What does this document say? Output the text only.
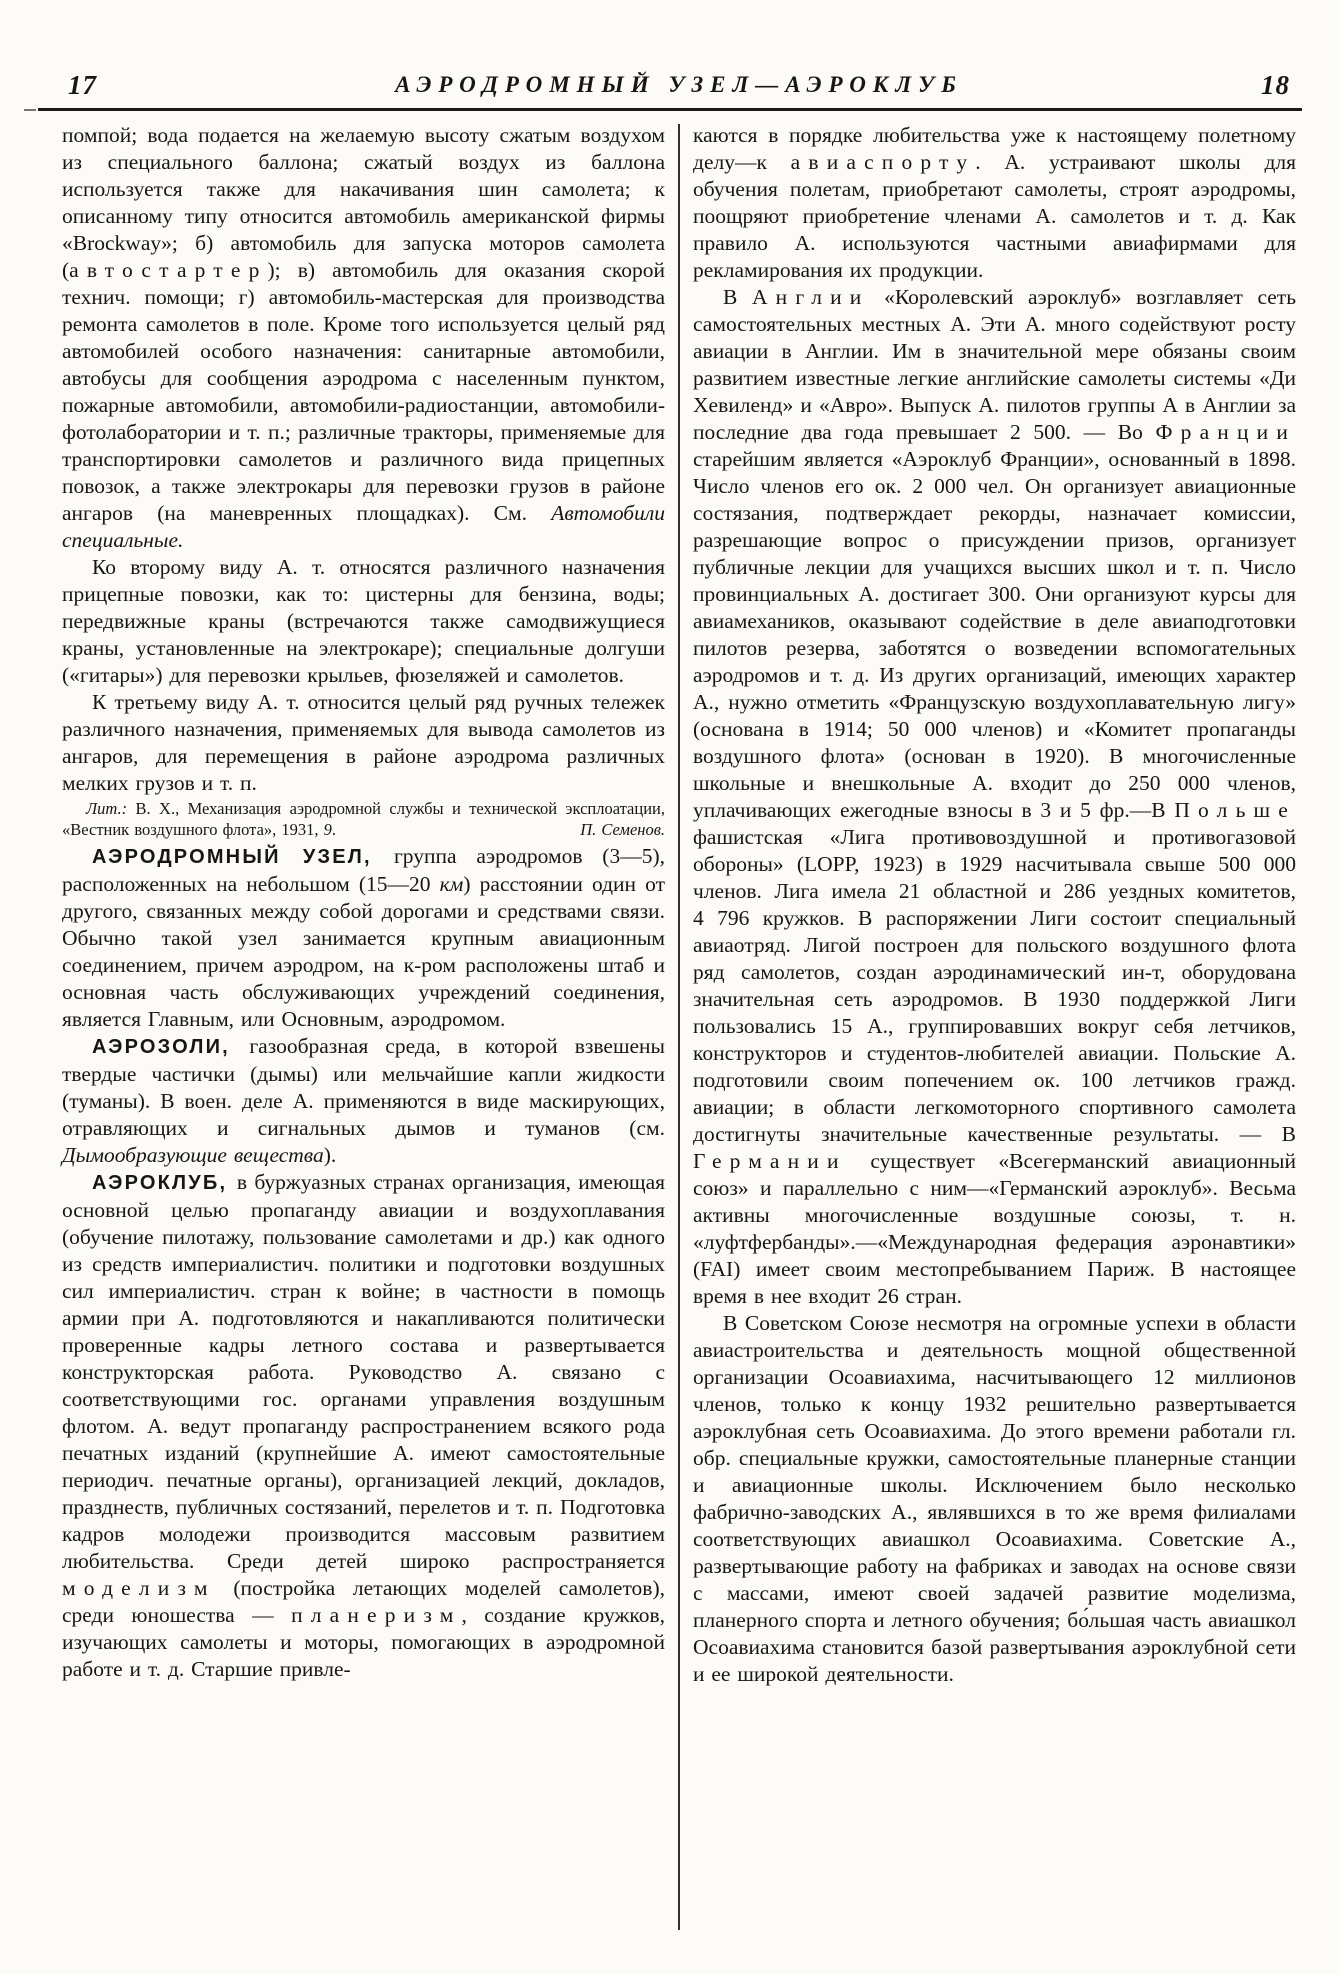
17	АЭРОДРОМНЫЙ УЗЕЛ—АЭРОКЛУБ	18

помпой; вода подается на желаемую высоту сжатым воздухом из специального баллона; сжатый воздух из баллона используется также для накачивания шин самолета; к описанному типу относится автомобиль американской фирмы «Brockway»; б) автомобиль для запуска моторов самолета (автостартер); в) автомобиль для оказания скорой технич. помощи; г) автомобиль-мастерская для производства ремонта самолетов в поле. Кроме того используется целый ряд автомобилей особого назначения: санитарные автомобили, автобусы для сообщения аэродрома с населенным пунктом, пожарные автомобили, автомобили-радиостанции, автомобили-фотолаборатории и т. п.; различные тракторы, применяемые для транспортировки самолетов и различного вида прицепных повозок, а также электрокары для перевозки грузов в районе ангаров (на маневренных площадках). См. Автомобили специальные.

Ко второму виду А. т. относятся различного назначения прицепные повозки, как то: цистерны для бензина, воды; передвижные краны (встречаются также самодвижущиеся краны, установленные на электрокаре); специальные долгуши («гитары») для перевозки крыльев, фюзеляжей и самолетов.

К третьему виду А. т. относится целый ряд ручных тележек различного назначения, применяемых для вывода самолетов из ангаров, для перемещения в районе аэродрома различных мелких грузов и т. п.

Лит.: В. Х., Механизация аэродромной службы и технической эксплоатации, «Вестник воздушного флота», 1931, 9.	П. Семенов.

АЭРОДРОМНЫЙ УЗЕЛ, группа аэродромов (3—5), расположенных на небольшом (15—20 км) расстоянии один от другого, связанных между собой дорогами и средствами связи. Обычно такой узел занимается крупным авиационным соединением, причем аэродром, на к-ром расположены штаб и основная часть обслуживающих учреждений соединения, является Главным, или Основным, аэродромом.

АЭРОЗОЛИ, газообразная среда, в которой взвешены твердые частички (дымы) или мельчайшие капли жидкости (туманы). В воен. деле А. применяются в виде маскирующих, отравляющих и сигнальных дымов и туманов (см. Дымообразующие вещества).

АЭРОКЛУБ, в буржуазных странах организация, имеющая основной целью пропаганду авиации и воздухоплавания (обучение пилотажу, пользование самолетами и др.) как одного из средств империалистич. политики и подготовки воздушных сил империалистич. стран к войне; в частности в помощь армии при А. подготовляются и накапливаются политически проверенные кадры летного состава и развертывается конструкторская работа. Руководство А. связано с соответствующими гос. органами управления воздушным флотом. А. ведут пропаганду распространением всякого рода печатных изданий (крупнейшие А. имеют самостоятельные периодич. печатные органы), организацией лекций, докладов, празднеств, публичных состязаний, перелетов и т. п. Подготовка кадров молодежи производится массовым развитием любительства. Среди детей широко распространяется моделизм (постройка летающих моделей самолетов), среди юношества — планеризм, создание кружков, изучающих самолеты и моторы, помогающих в аэродромной работе и т. д. Старшие привле-

каются в порядке любительства уже к настоящему полетному делу—к авиаспорту. А. устраивают школы для обучения полетам, приобретают самолеты, строят аэродромы, поощряют приобретение членами А. самолетов и т. д. Как правило А. используются частными авиафирмами для рекламирования их продукции.

В Англии «Королевский аэроклуб» возглавляет сеть самостоятельных местных А. Эти А. много содействуют росту авиации в Англии. Им в значительной мере обязаны своим развитием известные легкие английские самолеты системы «Ди Хевиленд» и «Авро». Выпуск А. пилотов группы А в Англии за последние два года превышает 2 500. — Во Франции старейшим является «Аэроклуб Франции», основанный в 1898. Число членов его ок. 2 000 чел. Он организует авиационные состязания, подтверждает рекорды, назначает комиссии, разрешающие вопрос о присуждении призов, организует публичные лекции для учащихся высших школ и т. п. Число провинциальных А. достигает 300. Они организуют курсы для авиамехаников, оказывают содействие в деле авиаподготовки пилотов резерва, заботятся о возведении вспомогательных аэродромов и т. д. Из других организаций, имеющих характер А., нужно отметить «Французскую воздухоплавательную лигу» (основана в 1914; 50 000 членов) и «Комитет пропаганды воздушного флота» (основан в 1920). В многочисленные школьные и внешкольные А. входит до 250 000 членов, уплачивающих ежегодные взносы в 3 и 5 фр.—В Польше фашистская «Лига противовоздушной и противогазовой обороны» (LOPP, 1923) в 1929 насчитывала свыше 500 000 членов. Лига имела 21 областной и 286 уездных комитетов, 4 796 кружков. В распоряжении Лиги состоит специальный авиаотряд. Лигой построен для польского воздушного флота ряд самолетов, создан аэродинамический ин-т, оборудована значительная сеть аэродромов. В 1930 поддержкой Лиги пользовались 15 А., группировавших вокруг себя летчиков, конструкторов и студентов-любителей авиации. Польские А. подготовили своим попечением ок. 100 летчиков гражд. авиации; в области легкомоторного спортивного самолета достигнуты значительные качественные результаты. — В Германии существует «Всегерманский авиационный союз» и параллельно с ним—«Германский аэроклуб». Весьма активны многочисленные воздушные союзы, т. н. «луфтфербанды».—«Международная федерация аэронавтики» (FAI) имеет своим местопребыванием Париж. В настоящее время в нее входит 26 стран.

В Советском Союзе несмотря на огромные успехи в области авиастроительства и деятельность мощной общественной организации Осоавиахима, насчитывающего 12 миллионов членов, только к концу 1932 решительно развертывается аэроклубная сеть Осоавиахима. До этого времени работали гл. обр. специальные кружки, самостоятельные планерные станции и авиационные школы. Исключением было несколько фабрично-заводских А., являвшихся в то же время филиалами соответствующих авиашкол Осоавиахима. Советские А., развертывающие работу на фабриках и заводах на основе связи с массами, имеют своей задачей развитие моделизма, планерного спорта и летного обучения; бо́льшая часть авиашкол Осоавиахима становится базой развертывания аэроклубной сети и ее широкой деятельности.
